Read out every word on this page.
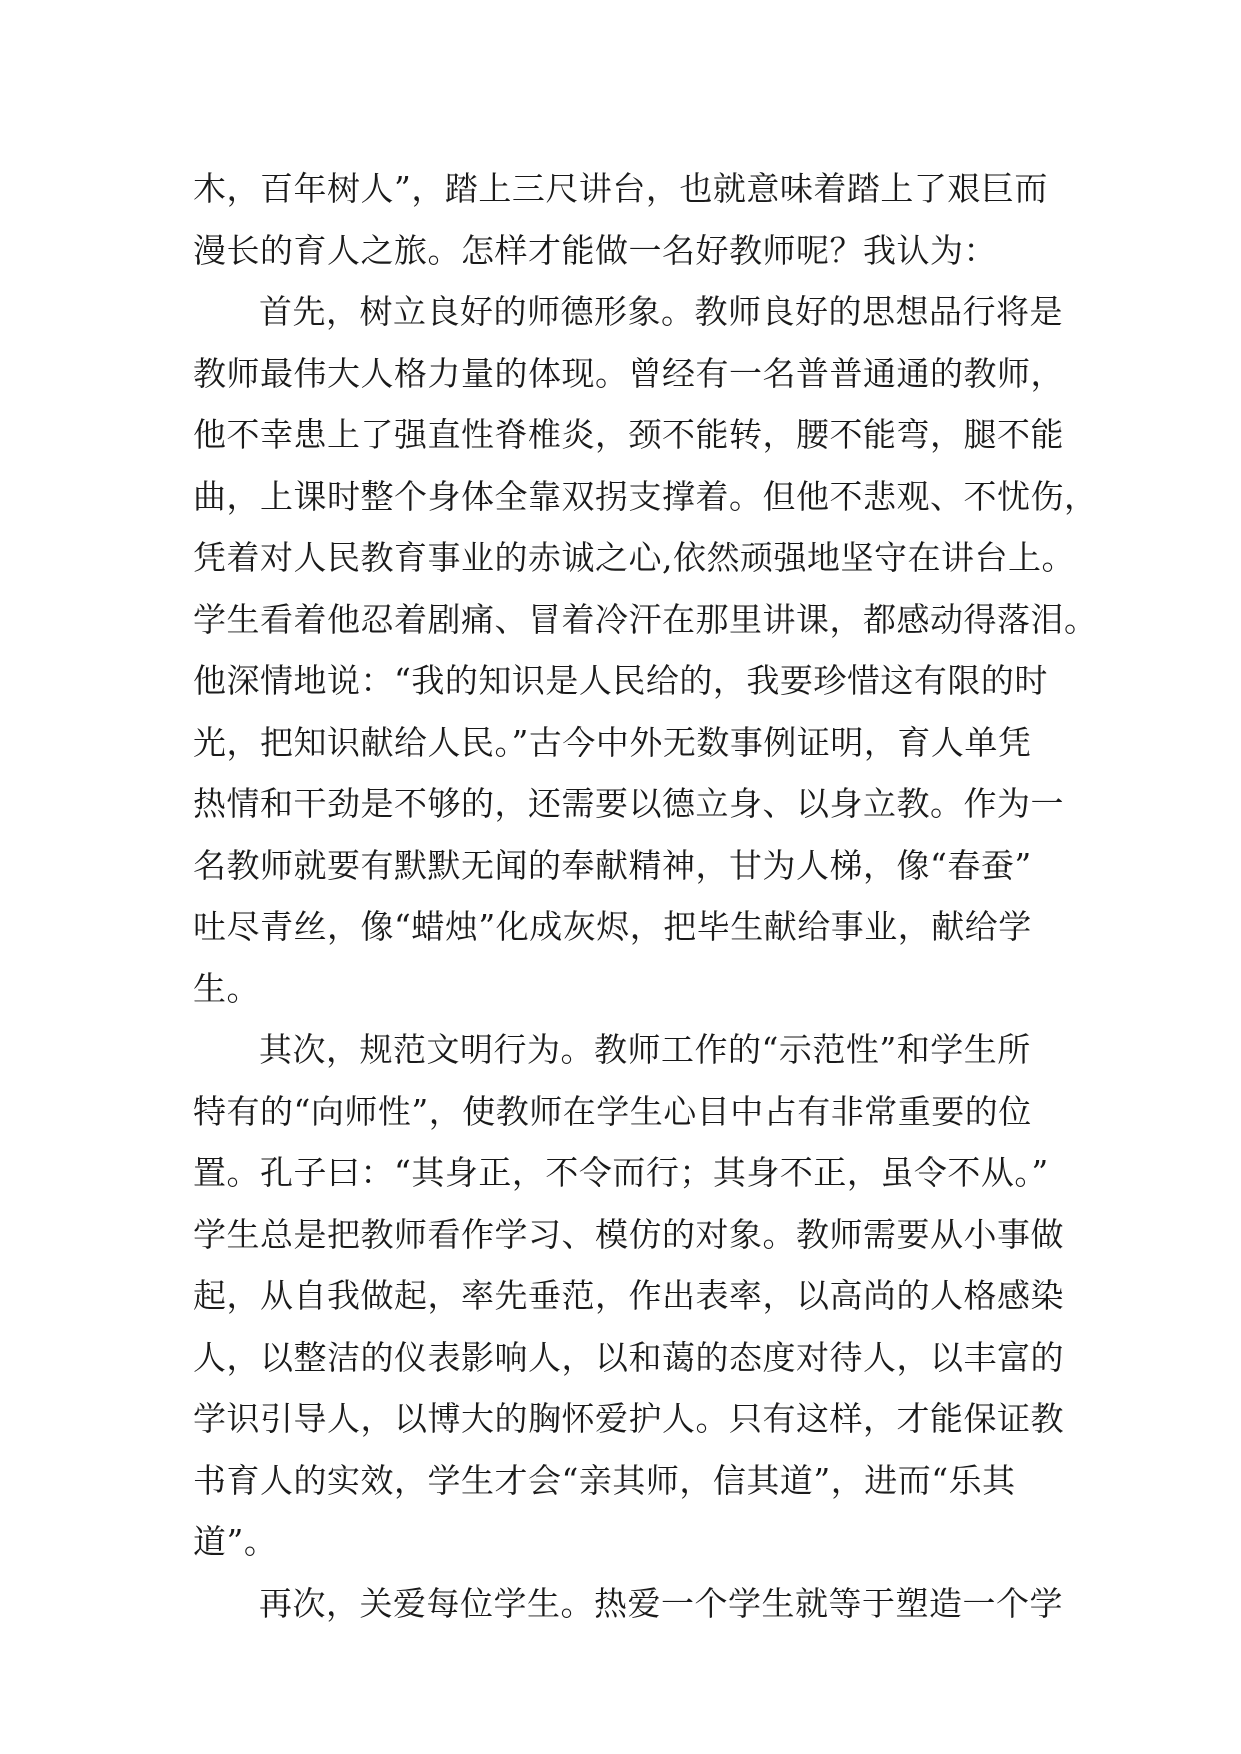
木，百年树人”，踏上三尺讲台，也就意味着踏上了艰巨而
漫长的育人之旅。怎样才能做一名好教师呢？我认为：
首先，树立良好的师德形象。教师良好的思想品行将是
教师最伟大人格力量的体现。曾经有一名普普通通的教师，
他不幸患上了强直性脊椎炎，颈不能转，腰不能弯，腿不能
曲，上课时整个身体全靠双拐支撑着。但他不悲观、不忧伤，
凭着对人民教育事业的赤诚之心,依然顽强地坚守在讲台上。
学生看着他忍着剧痛、冒着冷汗在那里讲课，都感动得落泪。
他深情地说：“我的知识是人民给的，我要珍惜这有限的时
光，把知识献给人民。”古今中外无数事例证明，育人单凭
热情和干劲是不够的，还需要以德立身、以身立教。作为一
名教师就要有默默无闻的奉献精神，甘为人梯，像“春蚕”
吐尽青丝，像“蜡烛”化成灰烬，把毕生献给事业，献给学
生。
其次，规范文明行为。教师工作的“示范性”和学生所
特有的“向师性”，使教师在学生心目中占有非常重要的位
置。孔子曰：“其身正，不令而行；其身不正，虽令不从。”
学生总是把教师看作学习、模仿的对象。教师需要从小事做
起，从自我做起，率先垂范，作出表率，以高尚的人格感染
人，以整洁的仪表影响人，以和蔼的态度对待人，以丰富的
学识引导人，以博大的胸怀爱护人。只有这样，才能保证教
书育人的实效，学生才会“亲其师，信其道”，进而“乐其
道”。
再次，关爱每位学生。热爱一个学生就等于塑造一个学
